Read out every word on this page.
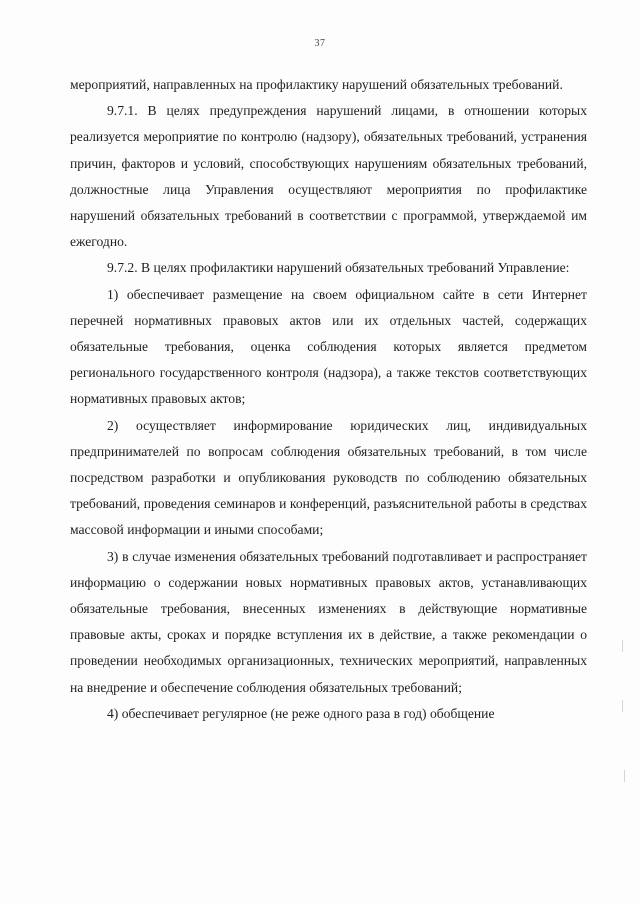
37

мероприятий, направленных на профилактику нарушений обязательных требований.

9.7.1. В целях предупреждения нарушений лицами, в отношении которых реализуется мероприятие по контролю (надзору), обязательных требований, устранения причин, факторов и условий, способствующих нарушениям обязательных требований, должностные лица Управления осуществляют мероприятия по профилактике нарушений обязательных требований в соответствии с программой, утверждаемой им ежегодно.

9.7.2. В целях профилактики нарушений обязательных требований Управление:

1) обеспечивает размещение на своем официальном сайте в сети Интернет перечней нормативных правовых актов или их отдельных частей, содержащих обязательные требования, оценка соблюдения которых является предметом регионального государственного контроля (надзора), а также текстов соответствующих нормативных правовых актов;

2) осуществляет информирование юридических лиц, индивидуальных предпринимателей по вопросам соблюдения обязательных требований, в том числе посредством разработки и опубликования руководств по соблюдению обязательных требований, проведения семинаров и конференций, разъяснительной работы в средствах массовой информации и иными способами;

3) в случае изменения обязательных требований подготавливает и распространяет информацию о содержании новых нормативных правовых актов, устанавливающих обязательные требования, внесенных изменениях в действующие нормативные правовые акты, сроках и порядке вступления их в действие, а также рекомендации о проведении необходимых организационных, технических мероприятий, направленных на внедрение и обеспечение соблюдения обязательных требований;

4) обеспечивает регулярное (не реже одного раза в год) обобщение
